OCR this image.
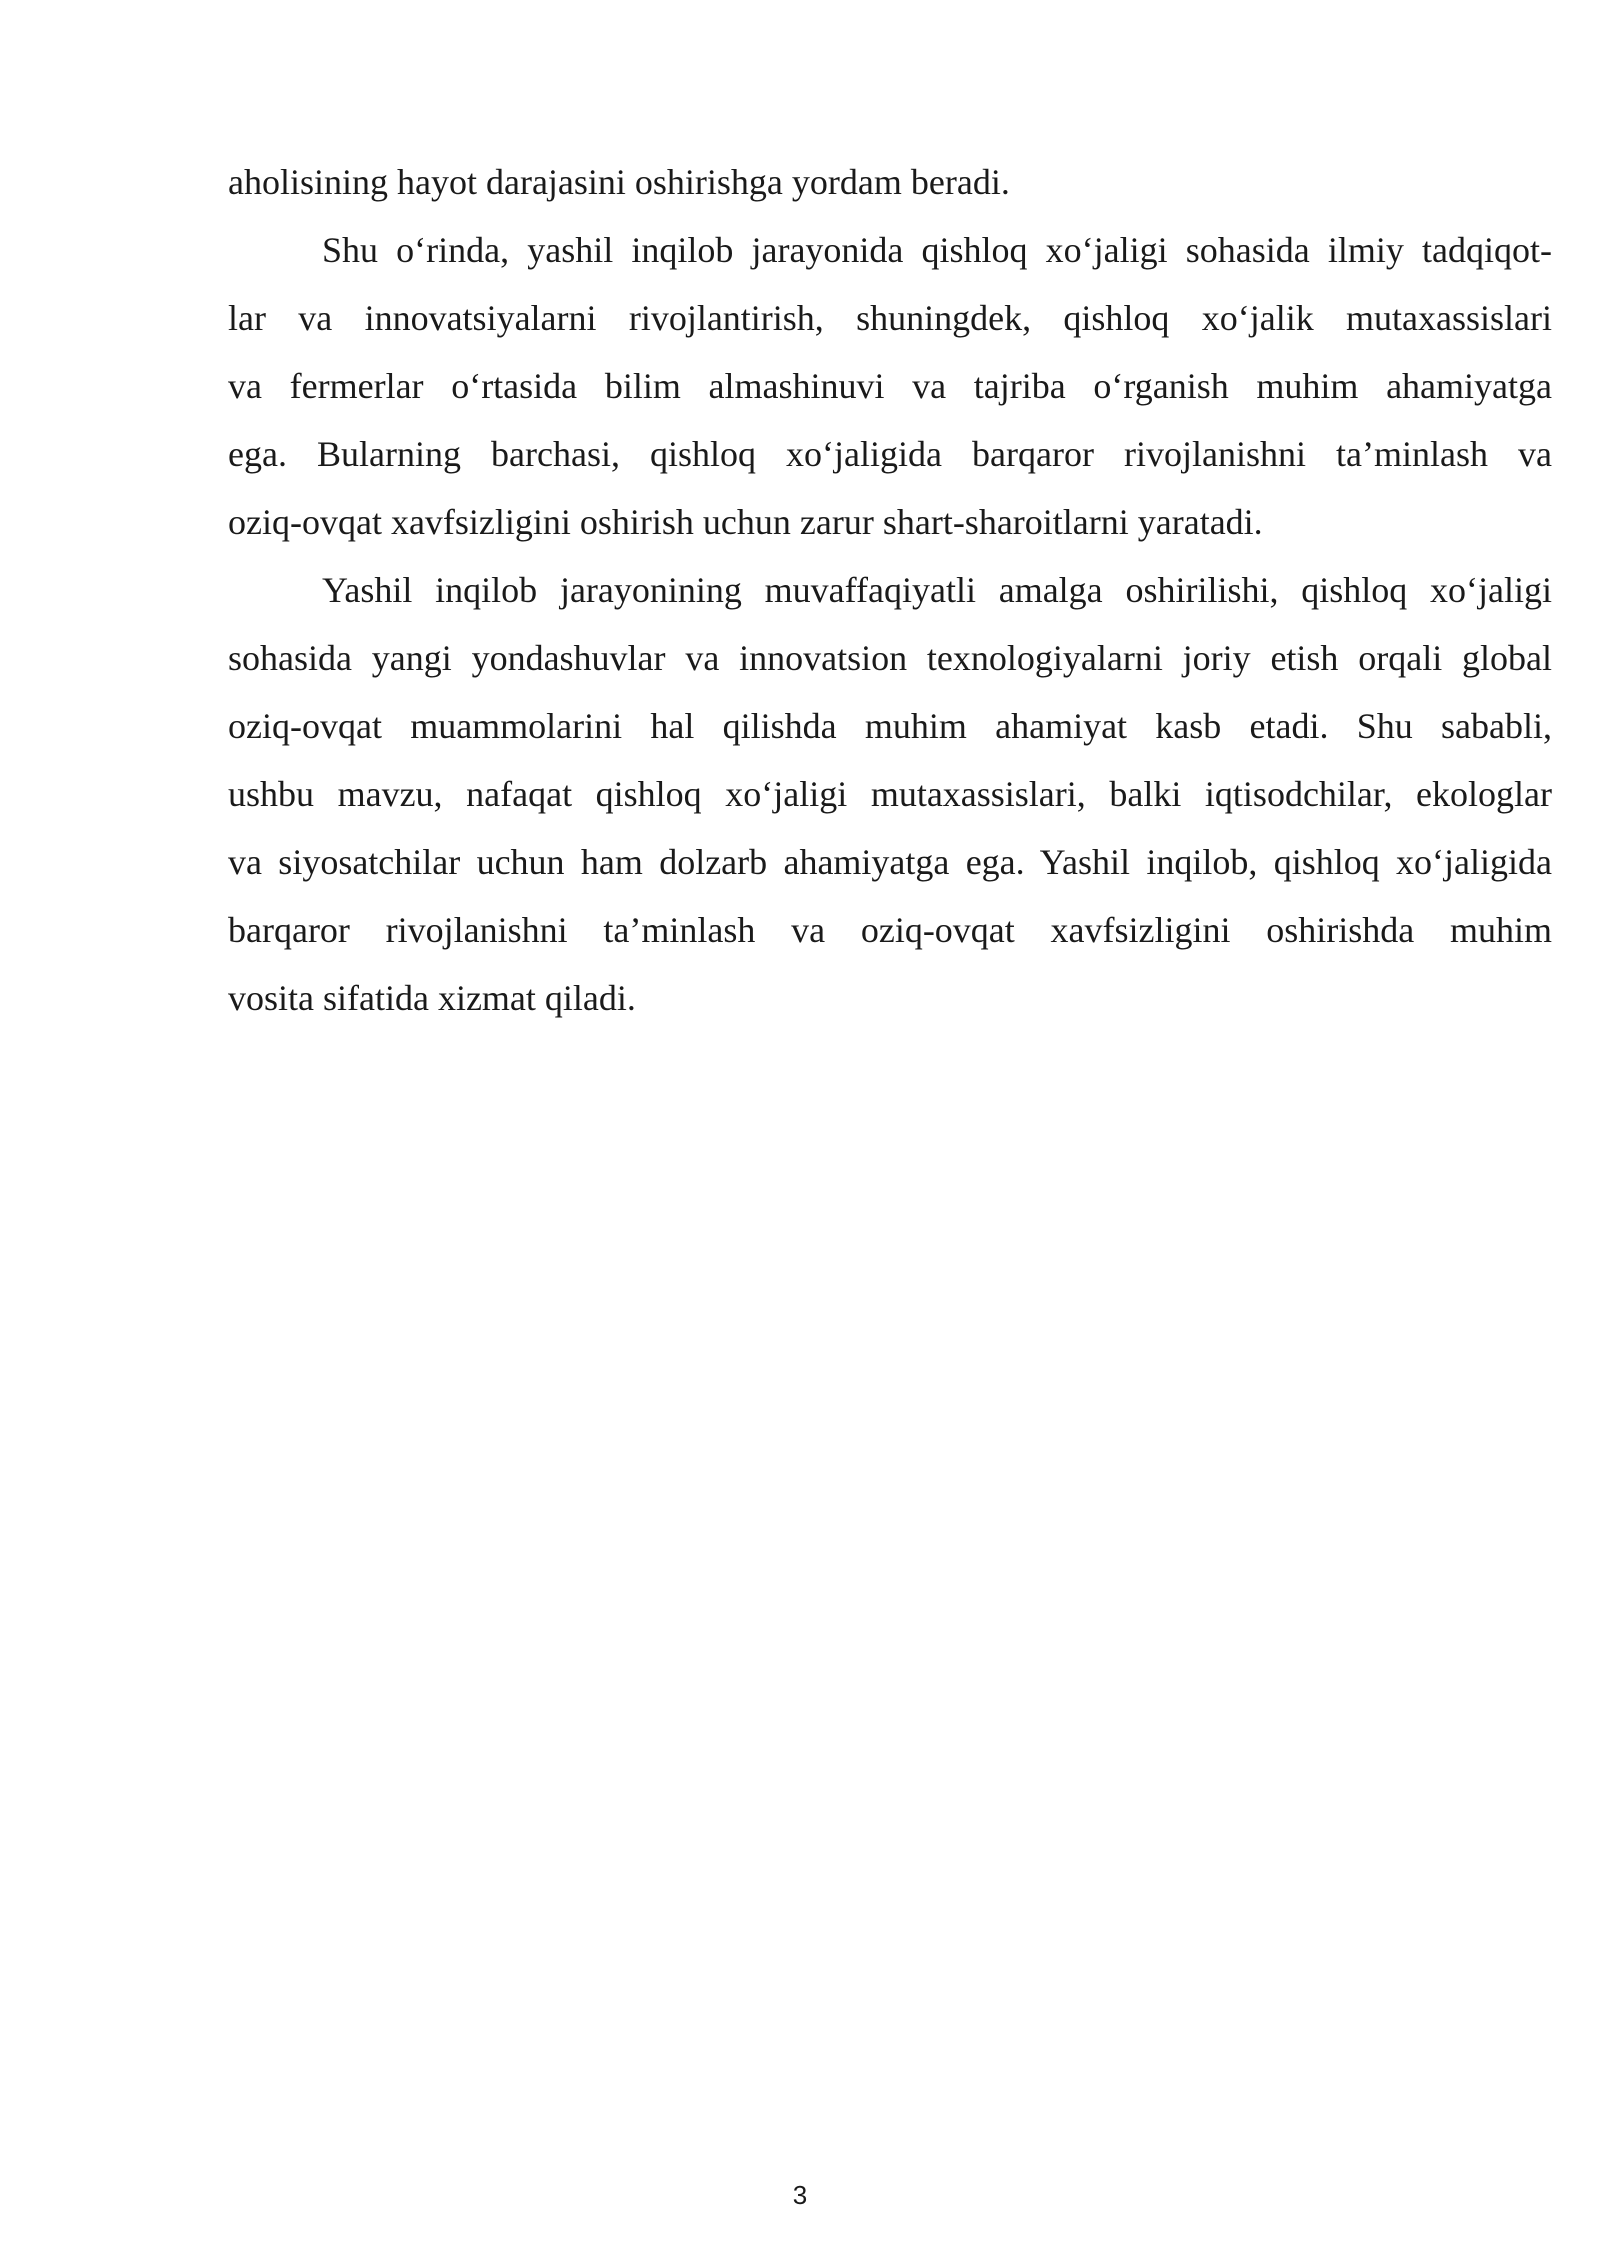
aholisining hayot darajasini oshirishga yordam beradi.
Shu o‘rinda, yashil inqilob jarayonida qishloq xo‘jaligi sohasida ilmiy tadqiqot-
lar va innovatsiyalarni rivojlantirish, shuningdek, qishloq xo‘jalik mutaxassislari
va fermerlar o‘rtasida bilim almashinuvi va tajriba o‘rganish muhim ahamiyatga
ega. Bularning barchasi, qishloq xo‘jaligida barqaror rivojlanishni ta’minlash va
oziq-ovqat xavfsizligini oshirish uchun zarur shart-sharoitlarni yaratadi.
Yashil inqilob jarayonining muvaffaqiyatli amalga oshirilishi, qishloq xo‘jaligi
sohasida yangi yondashuvlar va innovatsion texnologiyalarni joriy etish orqali global
oziq-ovqat muammolarini hal qilishda muhim ahamiyat kasb etadi. Shu sababli,
ushbu mavzu, nafaqat qishloq xo‘jaligi mutaxassislari, balki iqtisodchilar, ekologlar
va siyosatchilar uchun ham dolzarb ahamiyatga ega. Yashil inqilob, qishloq xo‘jaligida
barqaror rivojlanishni ta’minlash va oziq-ovqat xavfsizligini oshirishda muhim
vosita sifatida xizmat qiladi.
3
